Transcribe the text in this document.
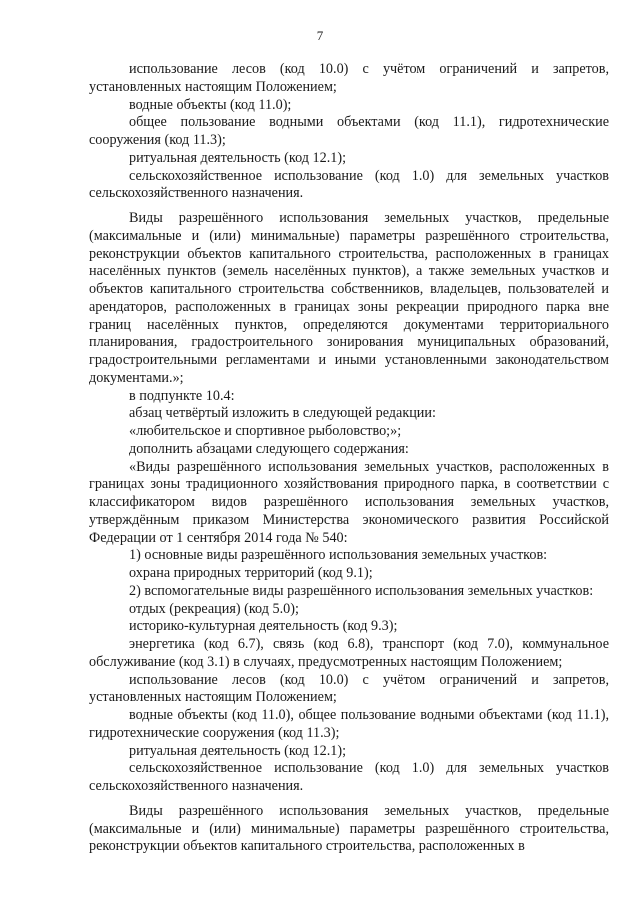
7

использование лесов (код 10.0) с учётом ограничений и запретов, установленных настоящим Положением;

водные объекты (код 11.0);

общее пользование водными объектами (код 11.1), гидротехнические сооружения (код 11.3);

ритуальная деятельность (код 12.1);

сельскохозяйственное использование (код 1.0) для земельных участков сельскохозяйственного назначения.

Виды разрешённого использования земельных участков, предельные (максимальные и (или) минимальные) параметры разрешённого строительства, реконструкции объектов капитального строительства, расположенных в границах населённых пунктов (земель населённых пунктов), а также земельных участков и объектов капитального строительства собственников, владельцев, пользователей и арендаторов, расположенных в границах зоны рекреации природного парка вне границ населённых пунктов, определяются документами территориального планирования, градостроительного зонирования муниципальных образований, градостроительными регламентами и иными установленными законодательством документами.»;

в подпункте 10.4:

абзац четвёртый изложить в следующей редакции:

«любительское и спортивное рыболовство;»;

дополнить абзацами следующего содержания:

«Виды разрешённого использования земельных участков, расположенных в границах зоны традиционного хозяйствования природного парка, в соответствии с классификатором видов разрешённого использования земельных участков, утверждённым приказом Министерства экономического развития Российской Федерации от 1 сентября 2014 года № 540:

1) основные виды разрешённого использования земельных участков:

охрана природных территорий (код 9.1);

2) вспомогательные виды разрешённого использования земельных участков:

отдых (рекреация) (код 5.0);

историко-культурная деятельность (код 9.3);

энергетика (код 6.7), связь (код 6.8), транспорт (код 7.0), коммунальное обслуживание (код 3.1) в случаях, предусмотренных настоящим Положением;

использование лесов (код 10.0) с учётом ограничений и запретов, установленных настоящим Положением;

водные объекты (код 11.0), общее пользование водными объектами (код 11.1), гидротехнические сооружения (код 11.3);

ритуальная деятельность (код 12.1);

сельскохозяйственное использование (код 1.0) для земельных участков сельскохозяйственного назначения.

Виды разрешённого использования земельных участков, предельные (максимальные и (или) минимальные) параметры разрешённого строительства, реконструкции объектов капитального строительства, расположенных в
